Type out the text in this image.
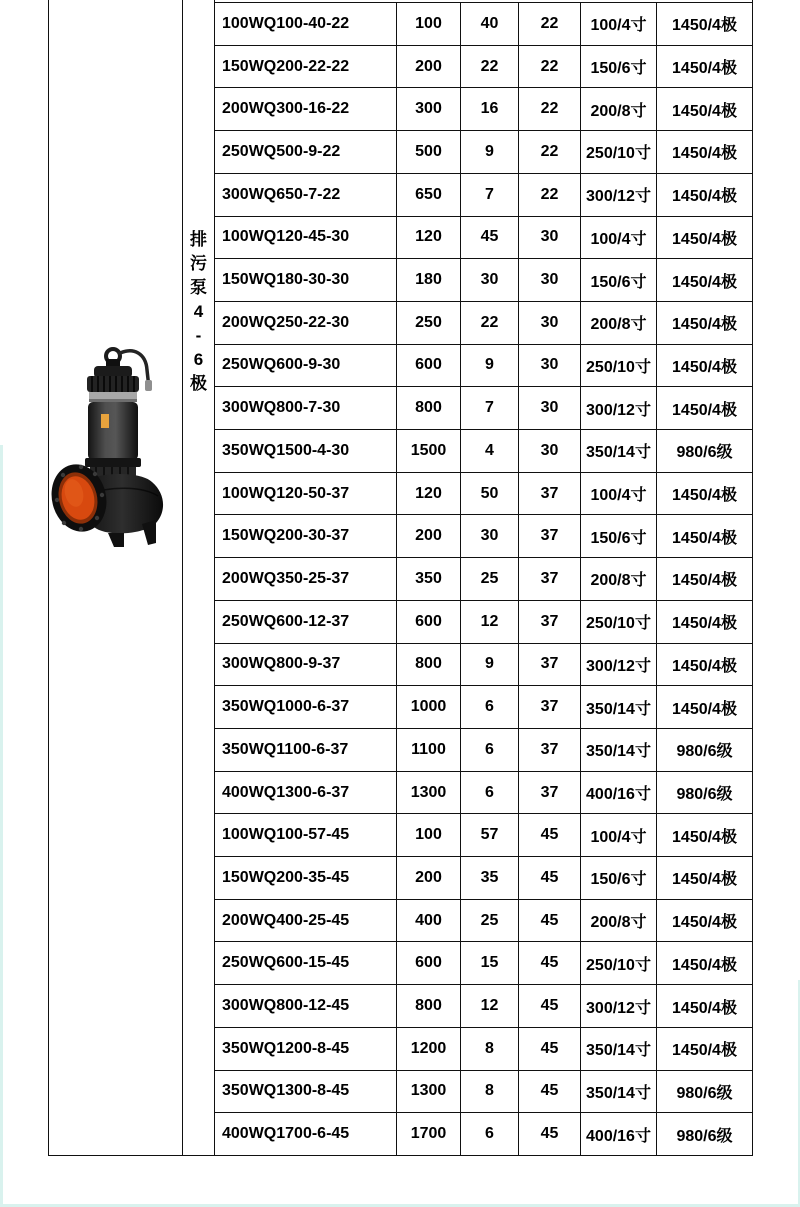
排
污
泵
4
-
6
极
100WQ100-40-22	100	40	22	100/4寸	1450/4极
150WQ200-22-22	200	22	22	150/6寸	1450/4极
200WQ300-16-22	300	16	22	200/8寸	1450/4极
250WQ500-9-22	500	9	22	250/10寸	1450/4极
300WQ650-7-22	650	7	22	300/12寸	1450/4极
100WQ120-45-30	120	45	30	100/4寸	1450/4极
150WQ180-30-30	180	30	30	150/6寸	1450/4极
200WQ250-22-30	250	22	30	200/8寸	1450/4极
250WQ600-9-30	600	9	30	250/10寸	1450/4极
300WQ800-7-30	800	7	30	300/12寸	1450/4极
350WQ1500-4-30	1500	4	30	350/14寸	980/6级
100WQ120-50-37	120	50	37	100/4寸	1450/4极
150WQ200-30-37	200	30	37	150/6寸	1450/4极
200WQ350-25-37	350	25	37	200/8寸	1450/4极
250WQ600-12-37	600	12	37	250/10寸	1450/4极
300WQ800-9-37	800	9	37	300/12寸	1450/4极
350WQ1000-6-37	1000	6	37	350/14寸	1450/4极
350WQ1100-6-37	1100	6	37	350/14寸	980/6级
400WQ1300-6-37	1300	6	37	400/16寸	980/6级
100WQ100-57-45	100	57	45	100/4寸	1450/4极
150WQ200-35-45	200	35	45	150/6寸	1450/4极
200WQ400-25-45	400	25	45	200/8寸	1450/4极
250WQ600-15-45	600	15	45	250/10寸	1450/4极
300WQ800-12-45	800	12	45	300/12寸	1450/4极
350WQ1200-8-45	1200	8	45	350/14寸	1450/4极
350WQ1300-8-45	1300	8	45	350/14寸	980/6级
400WQ1700-6-45	1700	6	45	400/16寸	980/6级
